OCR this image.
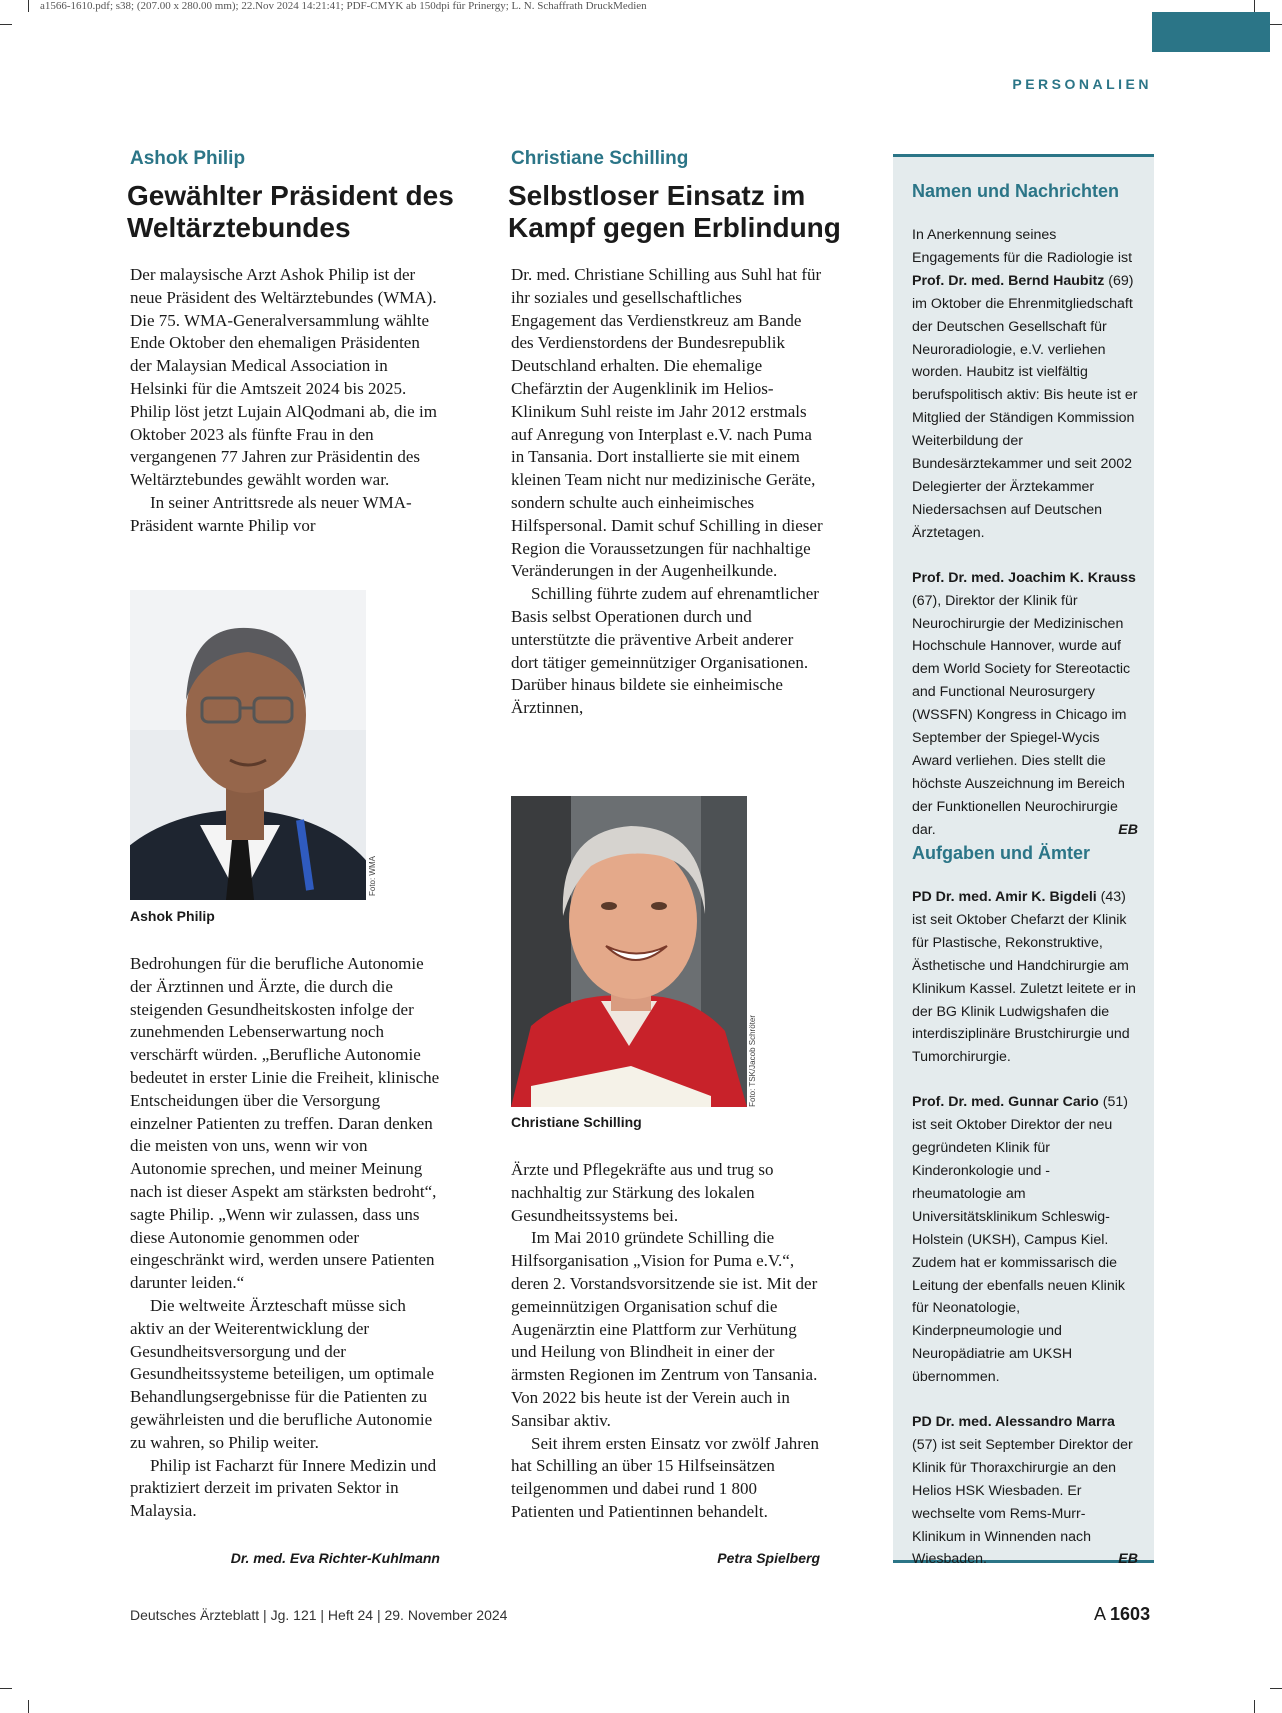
a1566-1610.pdf; s38; (207.00 x 280.00 mm); 22.Nov 2024 14:21:41; PDF-CMYK ab 150dpi für Prinergy; L. N. Schaffrath DruckMedien
PERSONALIEN
Ashok Philip
Gewählter Präsident des
Weltärztebundes

Der malaysische Arzt Ashok Philip ist der neue Präsident des Weltärztebundes (WMA). Die 75. WMA-Generalversammlung wählte Ende Oktober den ehemaligen Präsidenten der Malaysian Medical Association in Helsinki für die Amtszeit 2024 bis 2025. Philip löst jetzt Lujain AlQodmani ab, die im Oktober 2023 als fünfte Frau in den vergangenen 77 Jahren zur Präsidentin des Weltärztebundes gewählt worden war.

In seiner Antrittsrede als neuer WMA-Präsident warnte Philip vor

Foto: WMA
Ashok Philip

Bedrohungen für die berufliche Autonomie der Ärztinnen und Ärzte, die durch die steigenden Gesundheitskosten infolge der zunehmenden Lebenserwartung noch verschärft würden. „Berufliche Autonomie bedeutet in erster Linie die Freiheit, klinische Entscheidungen über die Versorgung einzelner Patienten zu treffen. Daran denken die meisten von uns, wenn wir von Autonomie sprechen, und meiner Meinung nach ist dieser Aspekt am stärksten bedroht“, sagte Philip. „Wenn wir zulassen, dass uns diese Autonomie genommen oder eingeschränkt wird, werden unsere Patienten darunter leiden.“

Die weltweite Ärzteschaft müsse sich aktiv an der Weiterentwicklung der Gesundheitsversorgung und der Gesundheitssysteme beteiligen, um optimale Behandlungsergebnisse für die Patienten zu gewährleisten und die berufliche Autonomie zu wahren, so Philip weiter.

Philip ist Facharzt für Innere Medizin und praktiziert derzeit im privaten Sektor in Malaysia.

Dr. med. Eva Richter-Kuhlmann
Christiane Schilling
Selbstloser Einsatz im
Kampf gegen Erblindung

Dr. med. Christiane Schilling aus Suhl hat für ihr soziales und gesellschaftliches Engagement das Verdienstkreuz am Bande des Verdienstordens der Bundesrepublik Deutschland erhalten. Die ehemalige Chefärztin der Augenklinik im Helios-Klinikum Suhl reiste im Jahr 2012 erstmals auf Anregung von Interplast e.V. nach Puma in Tansania. Dort installierte sie mit einem kleinen Team nicht nur medizinische Geräte, sondern schulte auch einheimisches Hilfspersonal. Damit schuf Schilling in dieser Region die Voraussetzungen für nachhaltige Veränderungen in der Augenheilkunde.

Schilling führte zudem auf ehrenamtlicher Basis selbst Operationen durch und unterstützte die präventive Arbeit anderer dort tätiger gemeinnütziger Organisationen. Darüber hinaus bildete sie einheimische Ärztinnen,

Foto: TSK/Jacob Schröter
Christiane Schilling

Ärzte und Pflegekräfte aus und trug so nachhaltig zur Stärkung des lokalen Gesundheitssystems bei.

Im Mai 2010 gründete Schilling die Hilfsorganisation „Vision for Puma e.V.“, deren 2. Vorstandsvorsitzende sie ist. Mit der gemeinnützigen Organisation schuf die Augenärztin eine Plattform zur Verhütung und Heilung von Blindheit in einer der ärmsten Regionen im Zentrum von Tansania. Von 2022 bis heute ist der Verein auch in Sansibar aktiv.

Seit ihrem ersten Einsatz vor zwölf Jahren hat Schilling an über 15 Hilfseinsätzen teilgenommen und dabei rund 1 800 Patienten und Patientinnen behandelt.

Petra Spielberg
Namen und Nachrichten

In Anerkennung seines Engagements für die Radiologie ist Prof. Dr. med. Bernd Haubitz (69) im Oktober die Ehrenmitgliedschaft der Deutschen Gesellschaft für Neuroradiologie, e.V. verliehen worden. Haubitz ist vielfältig berufspolitisch aktiv: Bis heute ist er Mitglied der Ständigen Kommission Weiterbildung der Bundesärztekammer und seit 2002 Delegierter der Ärztekammer Niedersachsen auf Deutschen Ärztetagen.

Prof. Dr. med. Joachim K. Krauss (67), Direktor der Klinik für Neurochirurgie der Medizinischen Hochschule Hannover, wurde auf dem World Society for Stereotactic and Functional Neurosurgery (WSSFN) Kongress in Chicago im September der Spiegel-Wycis Award verliehen. Dies stellt die höchste Auszeichnung im Bereich der Funktionellen Neurochirurgie dar.	EB

Aufgaben und Ämter

PD Dr. med. Amir K. Bigdeli (43) ist seit Oktober Chefarzt der Klinik für Plastische, Rekonstruktive, Ästhetische und Handchirurgie am Klinikum Kassel. Zuletzt leitete er in der BG Klinik Ludwigshafen die interdisziplinäre Brustchirurgie und Tumorchirurgie.

Prof. Dr. med. Gunnar Cario (51) ist seit Oktober Direktor der neu gegründeten Klinik für Kinderonkologie und -rheumatologie am Universitätsklinikum Schleswig-Holstein (UKSH), Campus Kiel. Zudem hat er kommissarisch die Leitung der ebenfalls neuen Klinik für Neonatologie, Kinderpneumologie und Neuropädiatrie am UKSH übernommen.

PD Dr. med. Alessandro Marra (57) ist seit September Direktor der Klinik für Thoraxchirurgie an den Helios HSK Wiesbaden. Er wechselte vom Rems-Murr-Klinikum in Winnenden nach Wiesbaden.	EB

Deutsches Ärzteblatt | Jg. 121 | Heft 24 | 29. November 2024	A 1603
